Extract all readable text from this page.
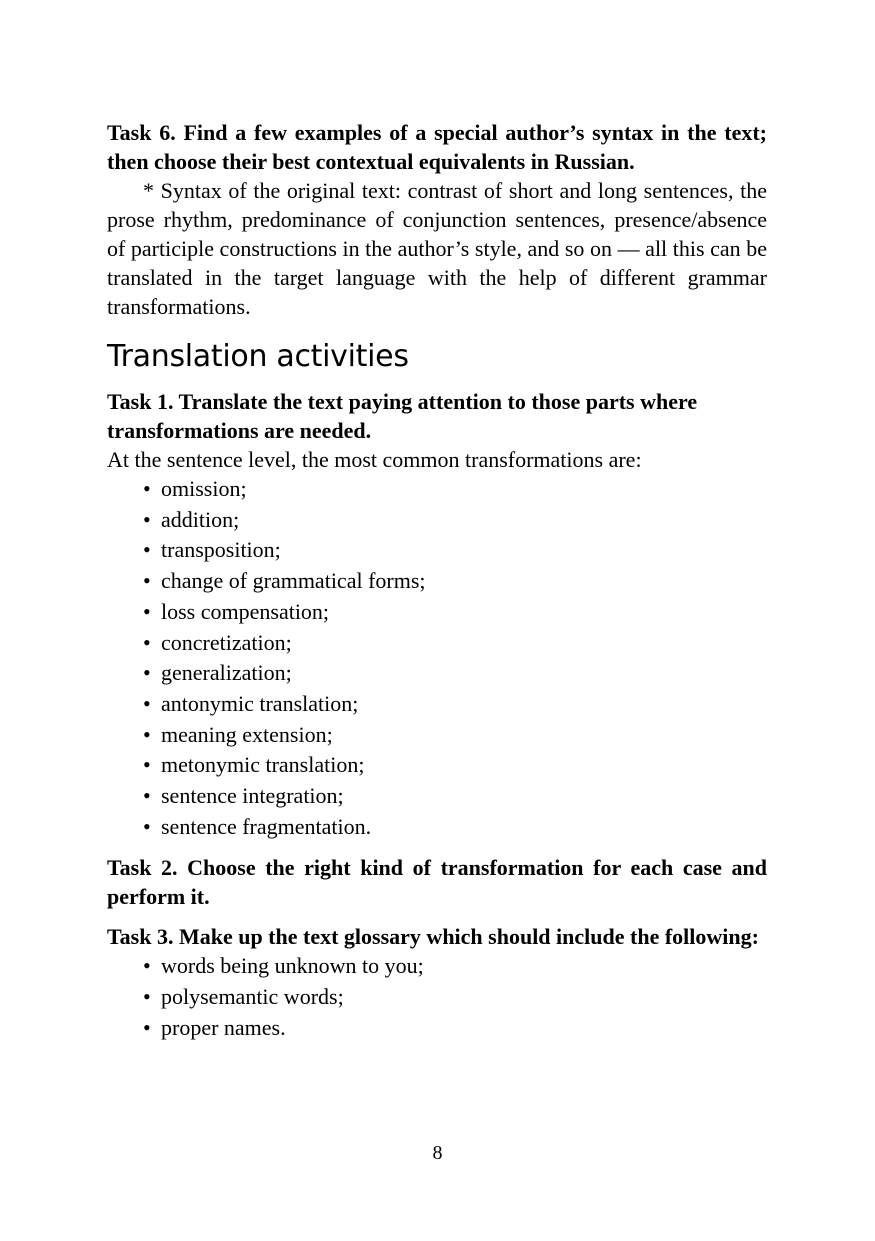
Task 6. Find a few examples of a special author’s syntax in the text; then choose their best contextual equivalents in Russian.

* Syntax of the original text: contrast of short and long sentences, the prose rhythm, predominance of conjunction sentences, presence/absence of participle constructions in the author’s style, and so on — all this can be translated in the target language with the help of different grammar transformations.

Translation activities

Task 1. Translate the text paying attention to those parts where transformations are needed.

At the sentence level, the most common transformations are:

• omission;
• addition;
• transposition;
• change of grammatical forms;
• loss compensation;
• concretization;
• generalization;
• antonymic translation;
• meaning extension;
• metonymic translation;
• sentence integration;
• sentence fragmentation.

Task 2. Choose the right kind of transformation for each case and perform it.

Task 3. Make up the text glossary which should include the following:

• words being unknown to you;
• polysemantic words;
• proper names.
8
